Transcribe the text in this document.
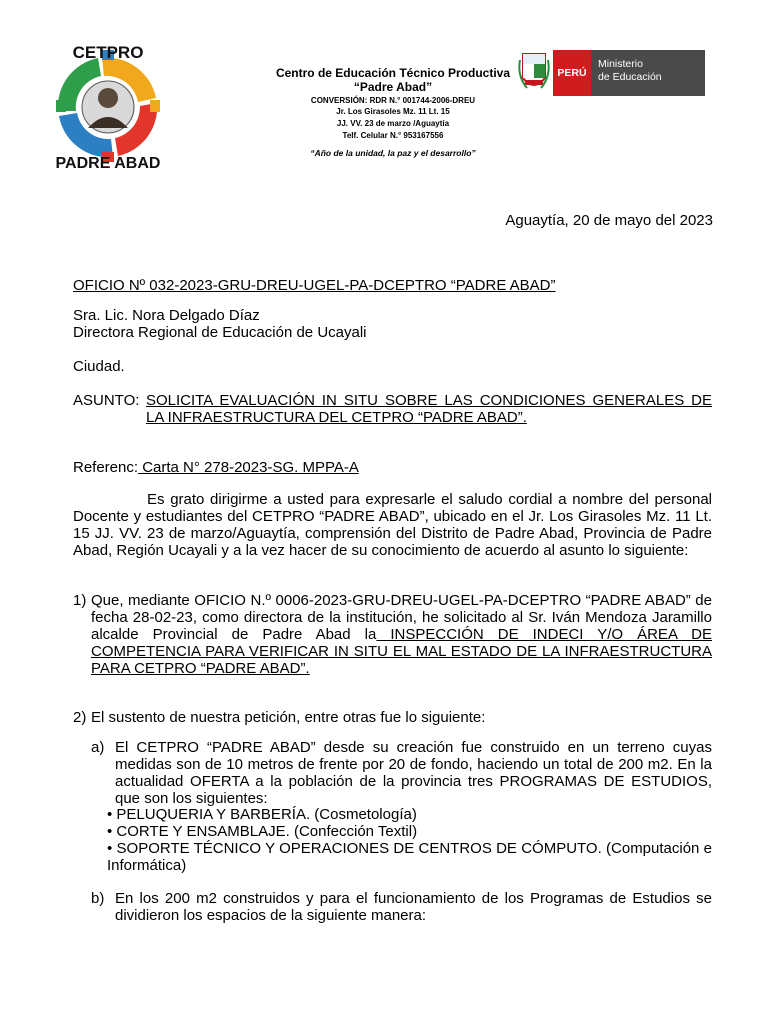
CETPRO
PADRE ABAD
Centro de Educación Técnico Productiva
“Padre Abad”
CONVERSIÓN: RDR N.° 001744-2006-DREU
Jr. Los Girasoles Mz. 11 Lt. 15
JJ. VV. 23 de marzo /Aguaytía
Telf. Celular N.° 953167556
“Año de la unidad, la paz y el desarrollo”
PERÚ
Ministerio
de Educación
Aguaytía, 20 de mayo del 2023
OFICIO Nº 032-2023-GRU-DREU-UGEL-PA-DCEPTRO “PADRE ABAD”
Sra. Lic. Nora Delgado Díaz
Directora Regional de Educación de Ucayali
Ciudad.
ASUNTO: SOLICITA EVALUACIÓN IN SITU SOBRE LAS CONDICIONES GENERALES DE LA INFRAESTRUCTURA DEL CETPRO “PADRE ABAD”.
Referenc: Carta N° 278-2023-SG. MPPA-A
Es grato dirigirme a usted para expresarle el saludo cordial a nombre del personal Docente y estudiantes del CETPRO “PADRE ABAD”, ubicado en el Jr. Los Girasoles Mz. 11 Lt. 15 JJ. VV. 23 de marzo/Aguaytía, comprensión del Distrito de Padre Abad, Provincia de Padre Abad, Región Ucayali y a la vez hacer de su conocimiento de acuerdo al asunto lo siguiente:
1) Que, mediante OFICIO N.º 0006-2023-GRU-DREU-UGEL-PA-DCEPTRO “PADRE ABAD” de fecha 28-02-23, como directora de la institución, he solicitado al Sr. Iván Mendoza Jaramillo alcalde Provincial de Padre Abad la INSPECCIÓN DE INDECI Y/O ÁREA DE COMPETENCIA PARA VERIFICAR IN SITU EL MAL ESTADO DE LA INFRAESTRUCTURA PARA CETPRO “PADRE ABAD”.
2) El sustento de nuestra petición, entre otras fue lo siguiente:
a) El CETPRO “PADRE ABAD” desde su creación fue construido en un terreno cuyas medidas son de 10 metros de frente por 20 de fondo, haciendo un total de 200 m2. En la actualidad OFERTA a la población de la provincia tres PROGRAMAS DE ESTUDIOS, que son los siguientes:
• PELUQUERIA Y BARBERÍA. (Cosmetología)
• CORTE Y ENSAMBLAJE. (Confección Textil)
• SOPORTE TÉCNICO Y OPERACIONES DE CENTROS DE CÓMPUTO. (Computación e Informática)
b) En los 200 m2 construidos y para el funcionamiento de los Programas de Estudios se dividieron los espacios de la siguiente manera:
